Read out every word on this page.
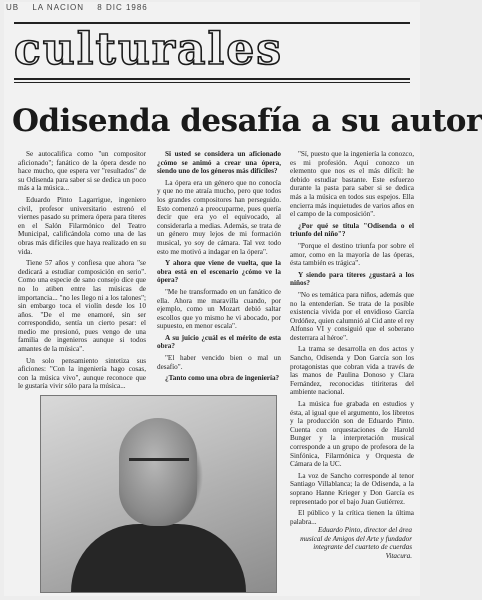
UB LA NACION 8 DIC 1986
culturales
Odisenda desafía a su autor

Se autocalifica como "un compositor aficionado"; fanático de la ópera desde no hace mucho, que espera ver "resultados" de su Odisenda para saber si se dedica un poco más a la música...

Eduardo Pinto Lagarrigue, ingeniero civil, profesor universitario estrenó el viernes pasado su primera ópera para títeres en el Salón Filarmónico del Teatro Municipal, calificándola como una de las obras más difíciles que haya realizado en su vida.

Tiene 57 años y confiesa que ahora "se dedicará a estudiar composición en serio". Como una especie de sano consejo dice que no lo atiben entre las músicas de importancia... "no les llego ni a los talones"; sin embargo toca el violín desde los 10 años. "De el me enamoré, sin ser correspondido, sentía un cierto pesar: el medio me presionó, pues vengo de una familia de ingenieros aunque si todos amantes de la música".

Un solo pensamiento sintetiza sus aficiones: "Con la ingeniería hago cosas, con la música vivo", aunque reconoce que le gustaría vivir sólo para la música...

Si usted se considera un aficionado ¿cómo se animó a crear una ópera, siendo uno de los géneros más difíciles?

La ópera era un género que no conocía y que no me atraía mucho, pero que todos los grandes compositores han perseguido. Esto comenzó a preocuparme, pues quería decir que era yo el equivocado, al considerarla a medias. Además, se trata de un género muy lejos de mi formación musical, yo soy de cámara. Tal vez todo esto me motivó a indagar en la ópera".

Y ahora que viene de vuelta, que la obra está en el escenario ¿cómo ve la ópera?

"Me he transformado en un fanático de ella. Ahora me maravilla cuando, por ejemplo, como un Mozart debió saltar escollos que yo mismo he vi abocado, por supuesto, en menor escala".

A su juicio ¿cuál es el mérito de esta obra?

"El haber vencido bien o mal un desafío".

¿Tanto como una obra de ingeniería?

"Sí, puesto que la ingeniería la conozco, es mi profesión. Aquí conozco un elemento que nos es el más difícil: he debido estudiar bastante. Este esfuerzo durante la pasta para saber si se dedica más a la música en todos sus espejos. Ella encierra más inquietudes de varios años en el campo de la composición".

¿Por qué se titula "Odisenda o el triunfo del niño"?

"Porque el destino triunfa por sobre el amor, como en la mayoría de las óperas, ésta también es trágica".

Y siendo para títeres ¿gustará a los niños?

"No es temática para niños, además que no la entenderían. Se trata de la posible existencia vivida por el envidioso García Ordóñez, quien calumnió al Cid ante el rey Alfonso VI y consiguió que el soberano desterrara al héroe".

La trama se desarrolla en dos actos y Sancho, Odisenda y Don García son los protagonistas que cobran vida a través de las manos de Paulina Donoso y Clara Fernández, reconocidas titiriteras del ambiente nacional.

La música fue grabada en estudios y ésta, al igual que el argumento, los libretos y la producción son de Eduardo Pinto. Cuenta con orquestaciones de Harold Bunger y la interpretación musical corresponde a un grupo de profesora de la Sinfónica, Filarmónica y Orquesta de Cámara de la UC.

La voz de Sancho corresponde al tenor Santiago Villablanca; la de Odisenda, a la soprano Hanne Krieger y Don García es representado por el bajo Juan Gutiérrez.

El público y la crítica tienen la última palabra...

Eduardo Pinto, director del área musical de Amigos del Arte y fundador integrante del cuarteto de cuerdas Vitacura.
